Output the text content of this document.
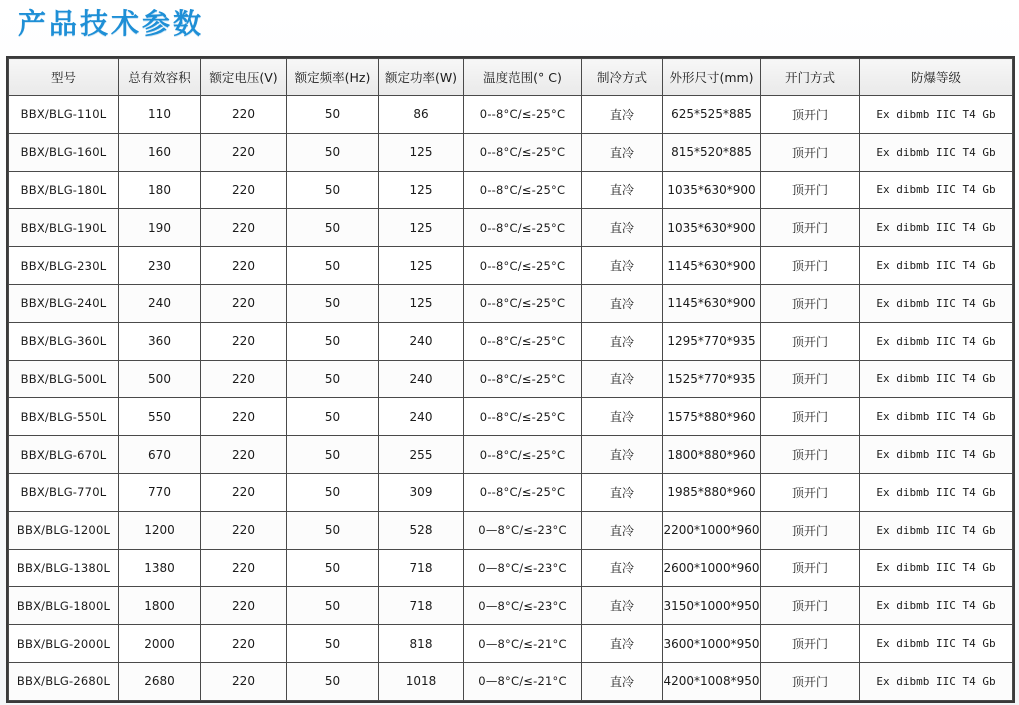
产品技术参数
型号	总有效容积	额定电压(V)	额定频率(Hz)	额定功率(W)	温度范围(° C)	制冷方式	外形尺寸(mm)	开门方式	防爆等级
BBX/BLG-110L	110	220	50	86	0--8°C/≤-25°C	直冷	625*525*885	顶开门	Ex dibmb IIC T4 Gb
BBX/BLG-160L	160	220	50	125	0--8°C/≤-25°C	直冷	815*520*885	顶开门	Ex dibmb IIC T4 Gb
BBX/BLG-180L	180	220	50	125	0--8°C/≤-25°C	直冷	1035*630*900	顶开门	Ex dibmb IIC T4 Gb
BBX/BLG-190L	190	220	50	125	0--8°C/≤-25°C	直冷	1035*630*900	顶开门	Ex dibmb IIC T4 Gb
BBX/BLG-230L	230	220	50	125	0--8°C/≤-25°C	直冷	1145*630*900	顶开门	Ex dibmb IIC T4 Gb
BBX/BLG-240L	240	220	50	125	0--8°C/≤-25°C	直冷	1145*630*900	顶开门	Ex dibmb IIC T4 Gb
BBX/BLG-360L	360	220	50	240	0--8°C/≤-25°C	直冷	1295*770*935	顶开门	Ex dibmb IIC T4 Gb
BBX/BLG-500L	500	220	50	240	0--8°C/≤-25°C	直冷	1525*770*935	顶开门	Ex dibmb IIC T4 Gb
BBX/BLG-550L	550	220	50	240	0--8°C/≤-25°C	直冷	1575*880*960	顶开门	Ex dibmb IIC T4 Gb
BBX/BLG-670L	670	220	50	255	0--8°C/≤-25°C	直冷	1800*880*960	顶开门	Ex dibmb IIC T4 Gb
BBX/BLG-770L	770	220	50	309	0--8°C/≤-25°C	直冷	1985*880*960	顶开门	Ex dibmb IIC T4 Gb
BBX/BLG-1200L	1200	220	50	528	0—8°C/≤-23°C	直冷	2200*1000*960	顶开门	Ex dibmb IIC T4 Gb
BBX/BLG-1380L	1380	220	50	718	0—8°C/≤-23°C	直冷	2600*1000*960	顶开门	Ex dibmb IIC T4 Gb
BBX/BLG-1800L	1800	220	50	718	0—8°C/≤-23°C	直冷	3150*1000*950	顶开门	Ex dibmb IIC T4 Gb
BBX/BLG-2000L	2000	220	50	818	0—8°C/≤-21°C	直冷	3600*1000*950	顶开门	Ex dibmb IIC T4 Gb
BBX/BLG-2680L	2680	220	50	1018	0—8°C/≤-21°C	直冷	4200*1008*950	顶开门	Ex dibmb IIC T4 Gb
